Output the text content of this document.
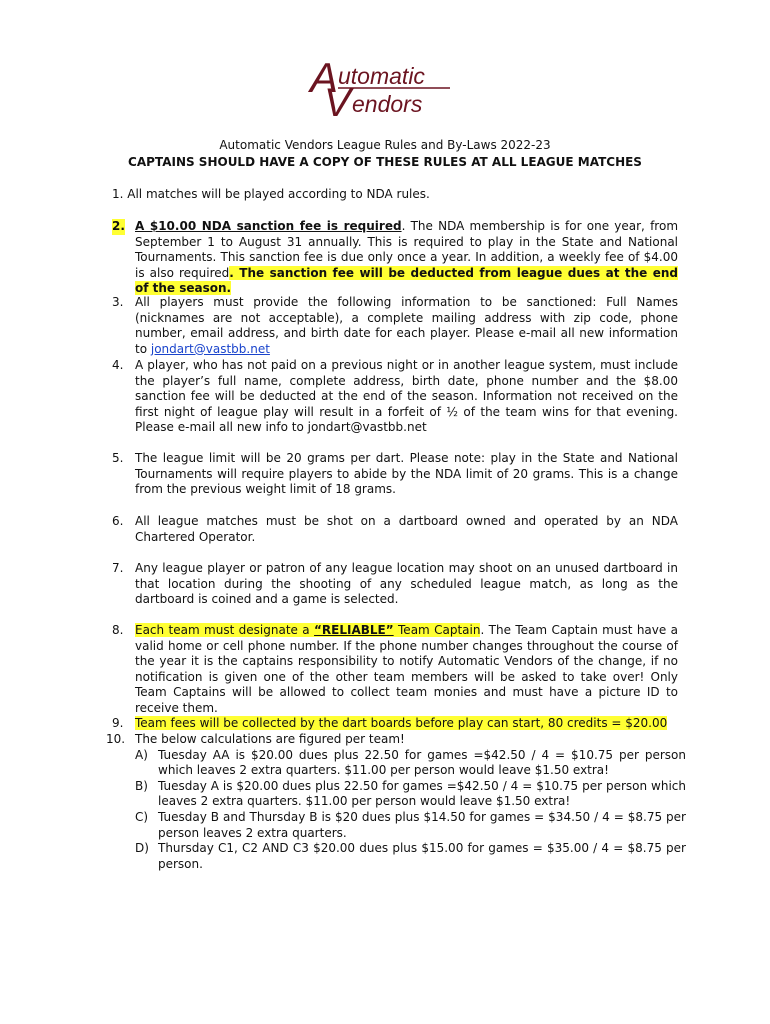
A utomatic
V endors
Automatic Vendors League Rules and By-Laws 2022-23
CAPTAINS SHOULD HAVE A COPY OF THESE RULES AT ALL LEAGUE MATCHES
1. All matches will be played according to NDA rules.
2. A $10.00 NDA sanction fee is required. The NDA membership is for one year, from September 1 to August 31 annually. This is required to play in the State and National Tournaments. This sanction fee is due only once a year. In addition, a weekly fee of $4.00 is also required. The sanction fee will be deducted from league dues at the end of the season.
3. All players must provide the following information to be sanctioned: Full Names (nicknames are not acceptable), a complete mailing address with zip code, phone number, email address, and birth date for each player. Please e-mail all new information to jondart@vastbb.net
4. A player, who has not paid on a previous night or in another league system, must include the player’s full name, complete address, birth date, phone number and the $8.00 sanction fee will be deducted at the end of the season. Information not received on the first night of league play will result in a forfeit of ½ of the team wins for that evening. Please e-mail all new info to jondart@vastbb.net
5. The league limit will be 20 grams per dart. Please note: play in the State and National Tournaments will require players to abide by the NDA limit of 20 grams. This is a change from the previous weight limit of 18 grams.
6. All league matches must be shot on a dartboard owned and operated by an NDA Chartered Operator.
7. Any league player or patron of any league location may shoot on an unused dartboard in that location during the shooting of any scheduled league match, as long as the dartboard is coined and a game is selected.
8. Each team must designate a “RELIABLE” Team Captain. The Team Captain must have a valid home or cell phone number. If the phone number changes throughout the course of the year it is the captains responsibility to notify Automatic Vendors of the change, if no notification is given one of the other team members will be asked to take over! Only Team Captains will be allowed to collect team monies and must have a picture ID to receive them.
9. Team fees will be collected by the dart boards before play can start, 80 credits = $20.00
10. The below calculations are figured per team!
A) Tuesday AA is $20.00 dues plus 22.50 for games =$42.50 / 4 = $10.75 per person which leaves 2 extra quarters. $11.00 per person would leave $1.50 extra!
B) Tuesday A is $20.00 dues plus 22.50 for games =$42.50 / 4 = $10.75 per person which leaves 2 extra quarters. $11.00 per person would leave $1.50 extra!
C) Tuesday B and Thursday B is $20 dues plus $14.50 for games = $34.50 / 4 = $8.75 per person leaves 2 extra quarters.
D) Thursday C1, C2 AND C3 $20.00 dues plus $15.00 for games = $35.00 / 4 = $8.75 per person.
